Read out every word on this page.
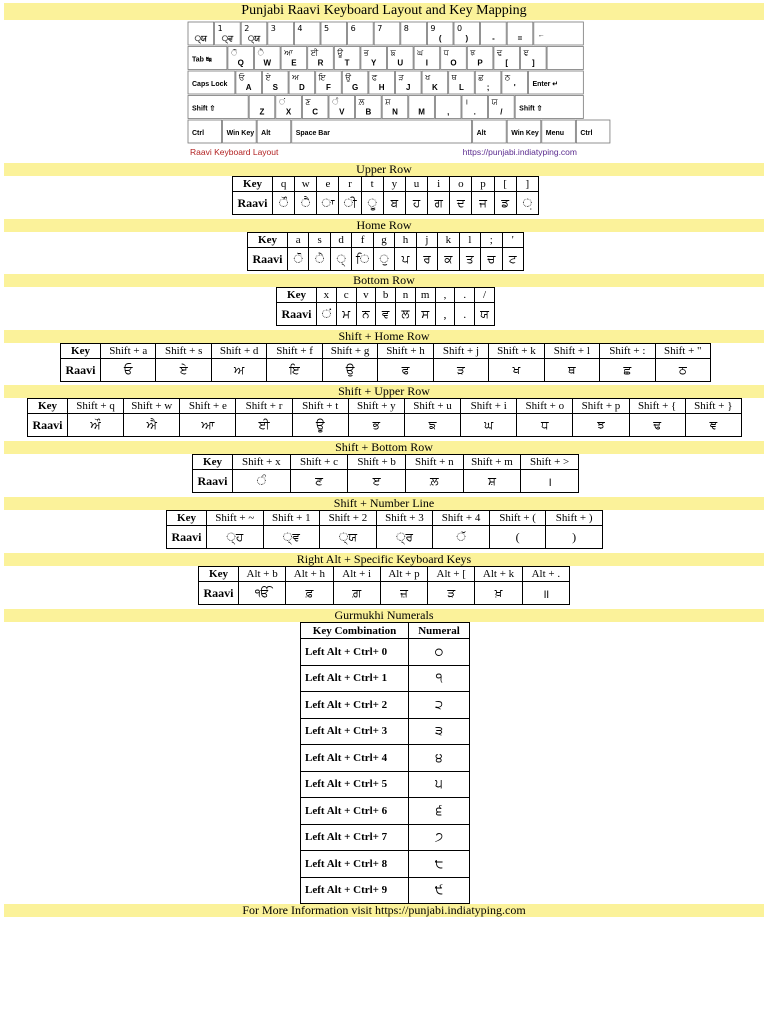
Punjabi Raavi Keyboard Layout and Key Mapping
੍ਯ
1
੍ਵ
2
੍ਯ
3	4	5	6	7	8	9
(
0
)	-	= ←
Tab ↹
ੌ
Q
ੈ
W
ਆ
E
ਈ
R
ਊ
T
ਭ
Y
ਙ
U
ਘ
I
ਧ
O
ਝ
P
ਢ
[
ਞ
]
Caps Lock
ਓ
A
ਏ
S
ਅ
D
ਇ
F
ਉ
G
ਫ
H
ੜ
J
ਖ
K
ਥ
L
ਛ
;
ਠ
' Enter ↵
Shift ⇧	Z
ਂ
X
ਣ
C
ੰ
V
ਲ਼
B
ਸ਼
N	M	,
।
.
ਯ
/ Shift ⇧
Ctrl	Win Key Alt	Space Bar	Alt	Win Key Menu Ctrl
Raavi Keyboard Layout	https://punjabi.indiatyping.com
Upper Row
Home Row
Bottom Row
Shift + Home Row
Shift + Upper Row
Shift + Bottom Row
Shift + Number Line
Right Alt + Specific Keyboard Keys
Gurmukhi Numerals
For More Information visit https://punjabi.indiatyping.com
Key	q	w	e	r	t	y	u	i	o	p	[	]
Raavi	ੌ	ੈ	ਾ	ੀ	ੂ	ਬ	ਹ	ਗ	ਦ	ਜ	ਡ	਼
Key	a	s	d	f	g	h	j	k	l	;	'
Raavi	ੋ	ੇ	੍	ਿ	ੁ	ਪ	ਰ	ਕ	ਤ	ਚ	ਟ
Key	x	c	v	b	n	m	,	.	/
Raavi	ਂ	ਮ	ਨ	ਵ	ਲ	ਸ	,	.	ਯ
Key	Shift + a	Shift + s	Shift + d	Shift + f	Shift + g	Shift + h	Shift + j	Shift + k	Shift + l	Shift + :	Shift + "
Raavi	ਓ	ਏ	ਅ	ਇ	ਉ	ਫ	ੜ	ਖ	ਥ	ਛ	ਠ
Key	Shift + q	Shift + w	Shift + e	Shift + r	Shift + t	Shift + y	Shift + u	Shift + i	Shift + o	Shift + p	Shift + {	Shift + }
Raavi	ਔ	ਐ	ਆ	ਈ	ਊ	ਭ	ਙ	ਘ	ਧ	ਝ	ਢ	ਞ
Key	Shift + x	Shift + c	Shift + b	Shift + n	Shift + m	Shift + >
Raavi	ੰ	ਣ	ੲ	ਲ਼	ਸ਼	।
Key	Shift + ~	Shift + 1	Shift + 2	Shift + 3	Shift + 4	Shift + (	Shift + )
Raavi	੍ਹ	੍ਵ	੍ਯ	੍ਰ	ੱ	(	)
Key	Alt + b	Alt + h	Alt + i	Alt + p	Alt + [	Alt + k	Alt + .
Raavi	ੴ	ਫ਼	ਗ਼	ਜ਼	ੜ	ਖ਼	॥
Key Combination	Numeral
Left Alt + Ctrl+ 0	੦
Left Alt + Ctrl+ 1	੧
Left Alt + Ctrl+ 2	੨
Left Alt + Ctrl+ 3	੩
Left Alt + Ctrl+ 4	੪
Left Alt + Ctrl+ 5	੫
Left Alt + Ctrl+ 6	੬
Left Alt + Ctrl+ 7	੭
Left Alt + Ctrl+ 8	੮
Left Alt + Ctrl+ 9	੯
